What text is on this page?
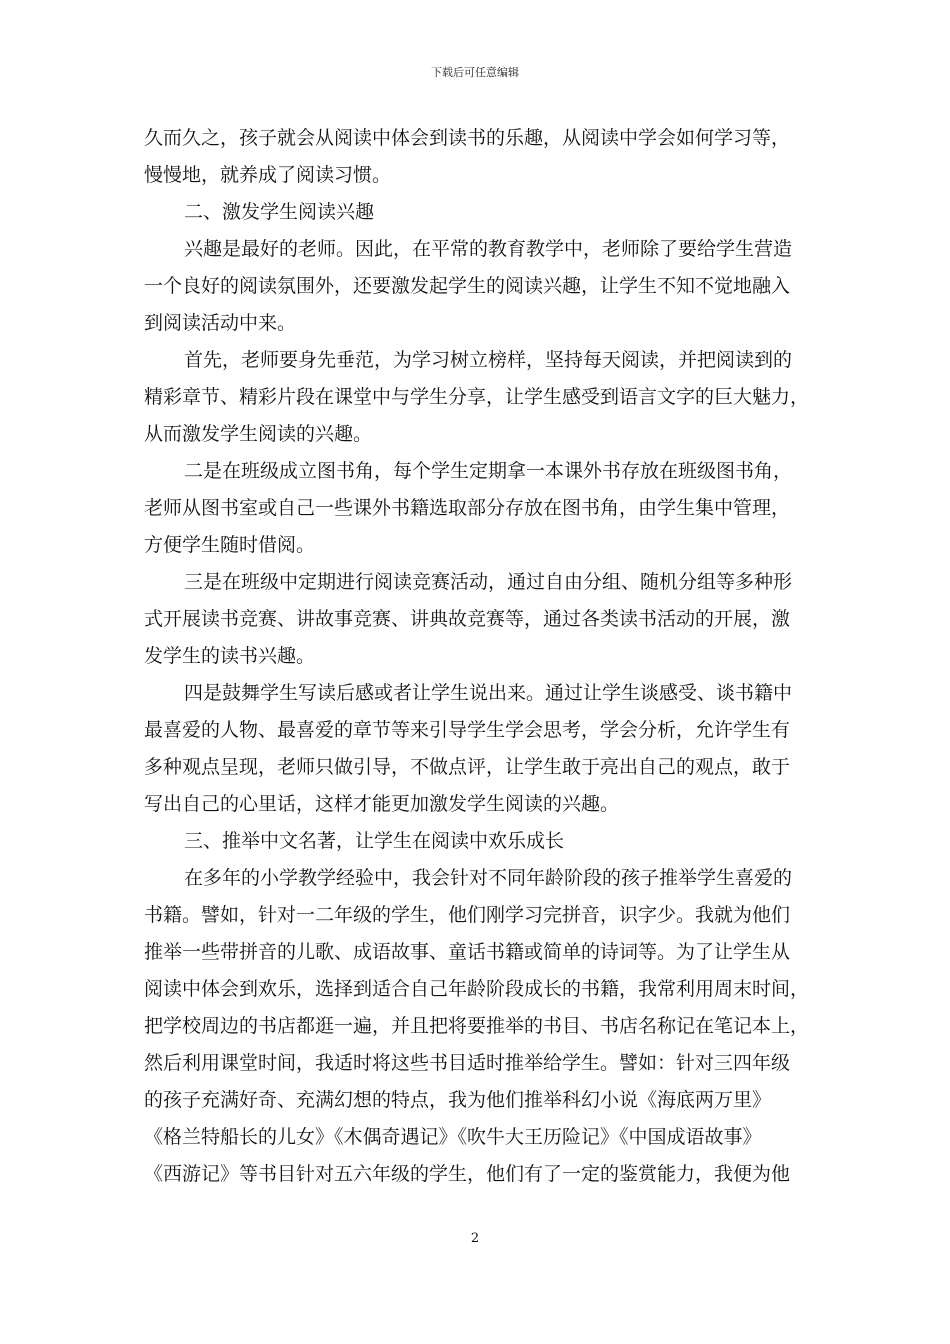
下载后可任意编辑
久而久之，孩子就会从阅读中体会到读书的乐趣，从阅读中学会如何学习等，
慢慢地，就养成了阅读习惯。
二、激发学生阅读兴趣
兴趣是最好的老师。因此，在平常的教育教学中，老师除了要给学生营造
一个良好的阅读氛围外，还要激发起学生的阅读兴趣，让学生不知不觉地融入
到阅读活动中来。
首先，老师要身先垂范，为学习树立榜样，坚持每天阅读，并把阅读到的
精彩章节、精彩片段在课堂中与学生分享，让学生感受到语言文字的巨大魅力，
从而激发学生阅读的兴趣。
二是在班级成立图书角，每个学生定期拿一本课外书存放在班级图书角，
老师从图书室或自己一些课外书籍选取部分存放在图书角，由学生集中管理，
方便学生随时借阅。
三是在班级中定期进行阅读竞赛活动，通过自由分组、随机分组等多种形
式开展读书竞赛、讲故事竞赛、讲典故竞赛等，通过各类读书活动的开展，激
发学生的读书兴趣。
四是鼓舞学生写读后感或者让学生说出来。通过让学生谈感受、谈书籍中
最喜爱的人物、最喜爱的章节等来引导学生学会思考，学会分析，允许学生有
多种观点呈现，老师只做引导，不做点评，让学生敢于亮出自己的观点，敢于
写出自己的心里话，这样才能更加激发学生阅读的兴趣。
三、推举中文名著，让学生在阅读中欢乐成长
在多年的小学教学经验中，我会针对不同年龄阶段的孩子推举学生喜爱的
书籍。譬如，针对一二年级的学生，他们刚学习完拼音，识字少。我就为他们
推举一些带拼音的儿歌、成语故事、童话书籍或简单的诗词等。为了让学生从
阅读中体会到欢乐，选择到适合自己年龄阶段成长的书籍，我常利用周末时间，
把学校周边的书店都逛一遍，并且把将要推举的书目、书店名称记在笔记本上，
然后利用课堂时间，我适时将这些书目适时推举给学生。譬如：针对三四年级
的孩子充满好奇、充满幻想的特点，我为他们推举科幻小说《海底两万里》
《格兰特船长的儿女》《木偶奇遇记》《吹牛大王历险记》《中国成语故事》
《西游记》等书目针对五六年级的学生，他们有了一定的鉴赏能力，我便为他
2
